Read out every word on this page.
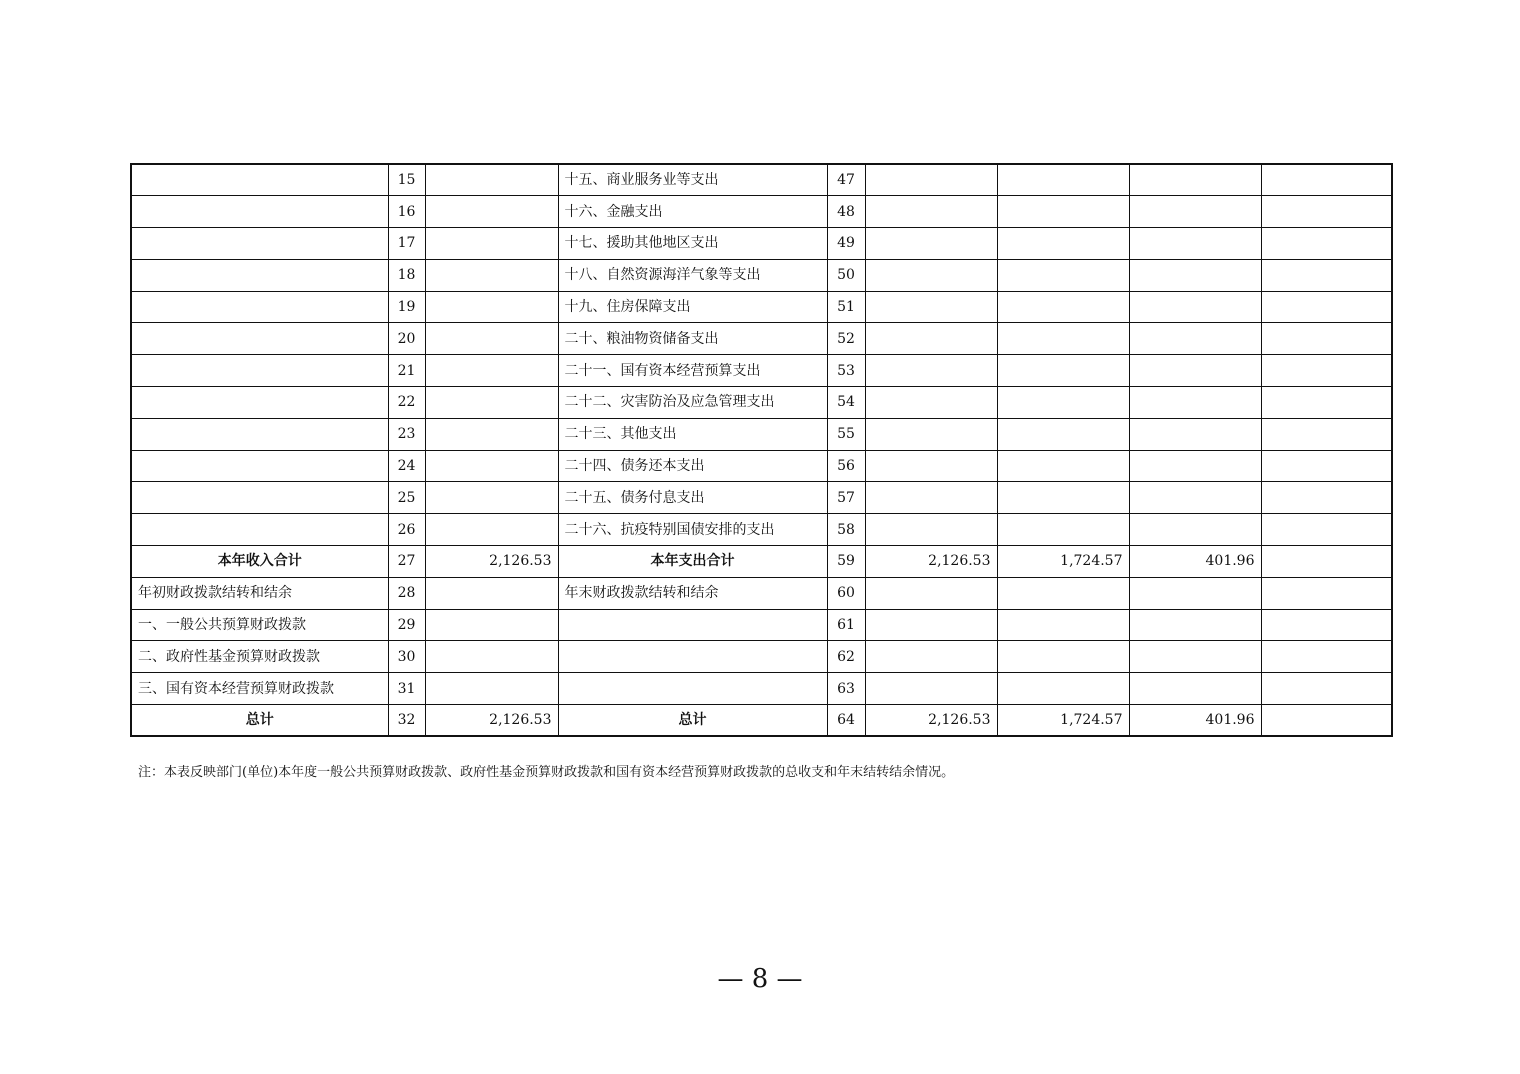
	15		十五、商业服务业等支出	47				
	16		十六、金融支出	48				
	17		十七、援助其他地区支出	49				
	18		十八、自然资源海洋气象等支出	50				
	19		十九、住房保障支出	51				
	20		二十、粮油物资储备支出	52				
	21		二十一、国有资本经营预算支出	53				
	22		二十二、灾害防治及应急管理支出	54				
	23		二十三、其他支出	55				
	24		二十四、债务还本支出	56				
	25		二十五、债务付息支出	57				
	26		二十六、抗疫特别国债安排的支出	58				
本年收入合计	27	2,126.53	本年支出合计	59	2,126.53	1,724.57	401.96	
年初财政拨款结转和结余	28		年末财政拨款结转和结余	60				
一、一般公共预算财政拨款	29			61				
二、政府性基金预算财政拨款	30			62				
三、国有资本经营预算财政拨款	31			63				
总计	32	2,126.53	总计	64	2,126.53	1,724.57	401.96	
注：本表反映部门(单位)本年度一般公共预算财政拨款、政府性基金预算财政拨款和国有资本经营预算财政拨款的总收支和年末结转结余情况。
— 8 —
